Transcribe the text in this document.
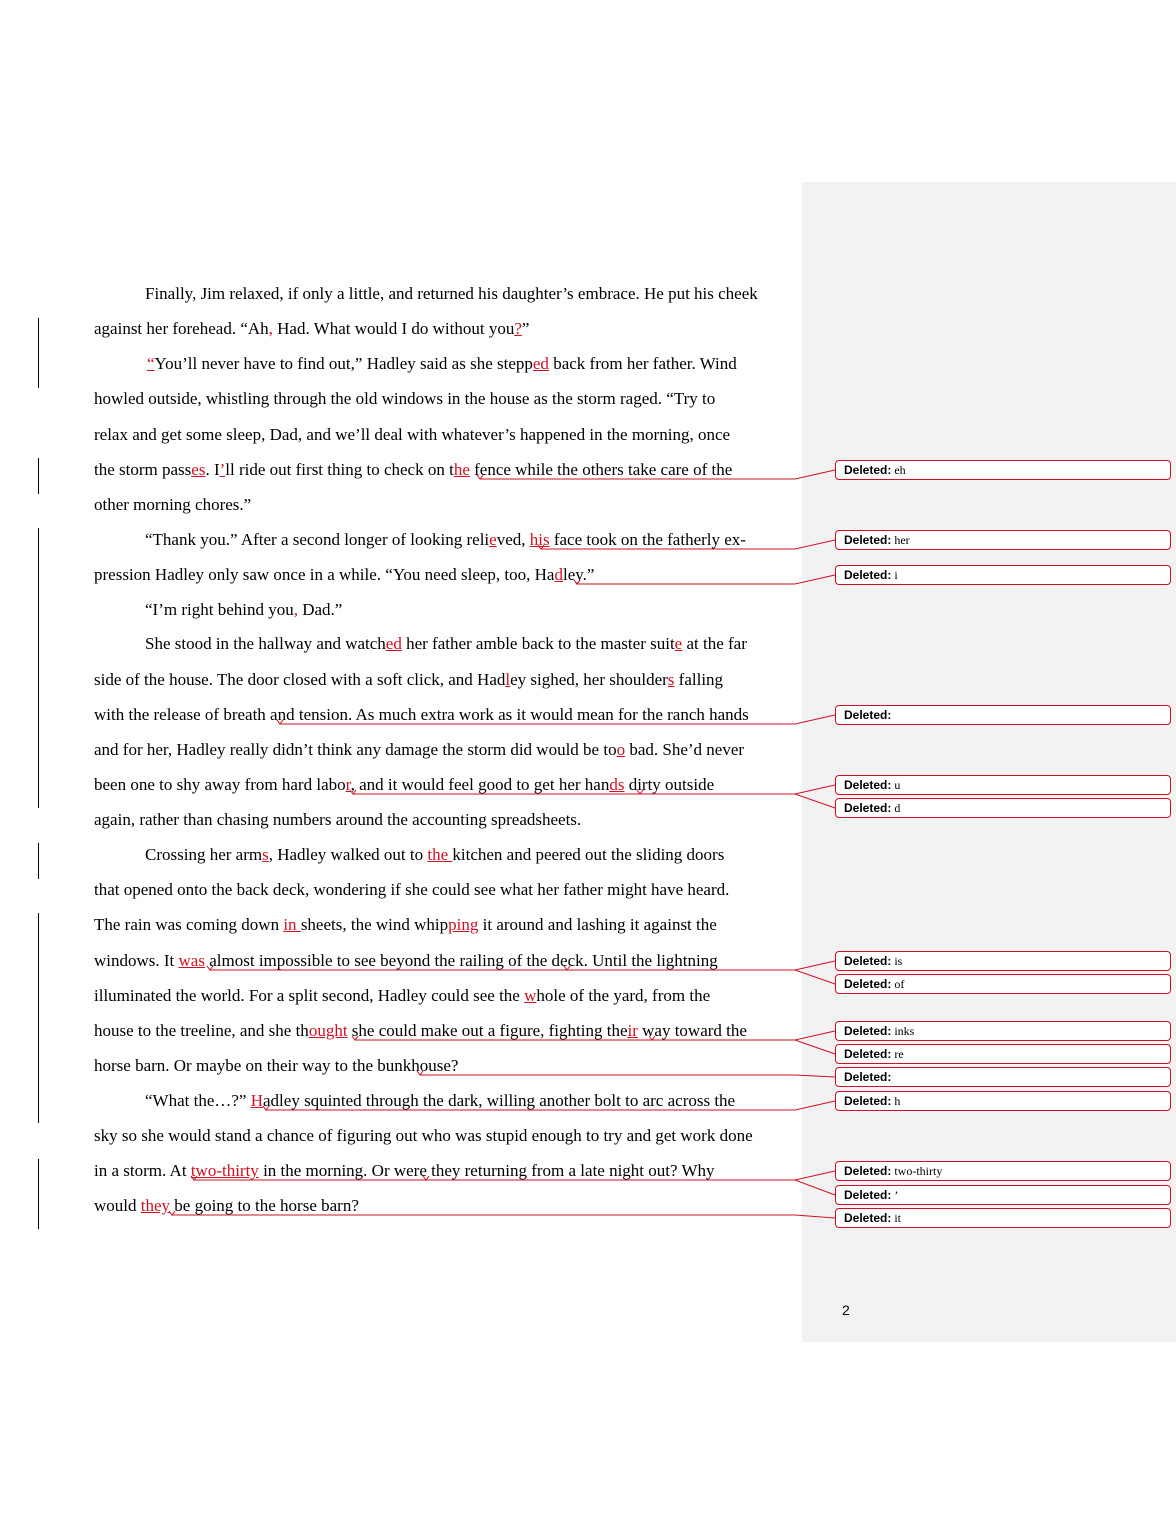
Finally, Jim relaxed, if only a little, and returned his daughter’s embrace. He put his cheek
against her forehead. “Ah, Had. What would I do without you?”
“You’ll never have to find out,” Hadley said as she stepped back from her father. Wind
howled outside, whistling through the old windows in the house as the storm raged. “Try to
relax and get some sleep, Dad, and we’ll deal with whatever’s happened in the morning, once
the storm passes. I’ll ride out first thing to check on the fence while the others take care of the
other morning chores.”
“Thank you.” After a second longer of looking relieved, his face took on the fatherly ex-
pression Hadley only saw once in a while. “You need sleep, too, Hadley.”
“I’m right behind you, Dad.”
She stood in the hallway and watched her father amble back to the master suite at the far
side of the house. The door closed with a soft click, and Hadley sighed, her shoulders falling
with the release of breath and tension. As much extra work as it would mean for the ranch hands
and for her, Hadley really didn’t think any damage the storm did would be too bad. She’d never
been one to shy away from hard labor, and it would feel good to get her hands dirty outside
again, rather than chasing numbers around the accounting spreadsheets.
Crossing her arms, Hadley walked out to the kitchen and peered out the sliding doors
that opened onto the back deck, wondering if she could see what her father might have heard.
The rain was coming down in sheets, the wind whipping it around and lashing it against the
windows. It was almost impossible to see beyond the railing of the deck. Until the lightning
illuminated the world. For a split second, Hadley could see the whole of the yard, from the
house to the treeline, and she thought she could make out a figure, fighting their way toward the
horse barn. Or maybe on their way to the bunkhouse?
“What the…?” Hadley squinted through the dark, willing another bolt to arc across the
sky so she would stand a chance of figuring out who was stupid enough to try and get work done
in a storm. At two-thirty in the morning. Or were they returning from a late night out? Why
would they be going to the horse barn?
Deleted: eh
Deleted: her
Deleted: i
Deleted:
Deleted: u
Deleted: d
Deleted: is
Deleted: of
Deleted: inks
Deleted: re
Deleted:
Deleted: h
Deleted: two-thirty
Deleted: ’
Deleted: it
2
